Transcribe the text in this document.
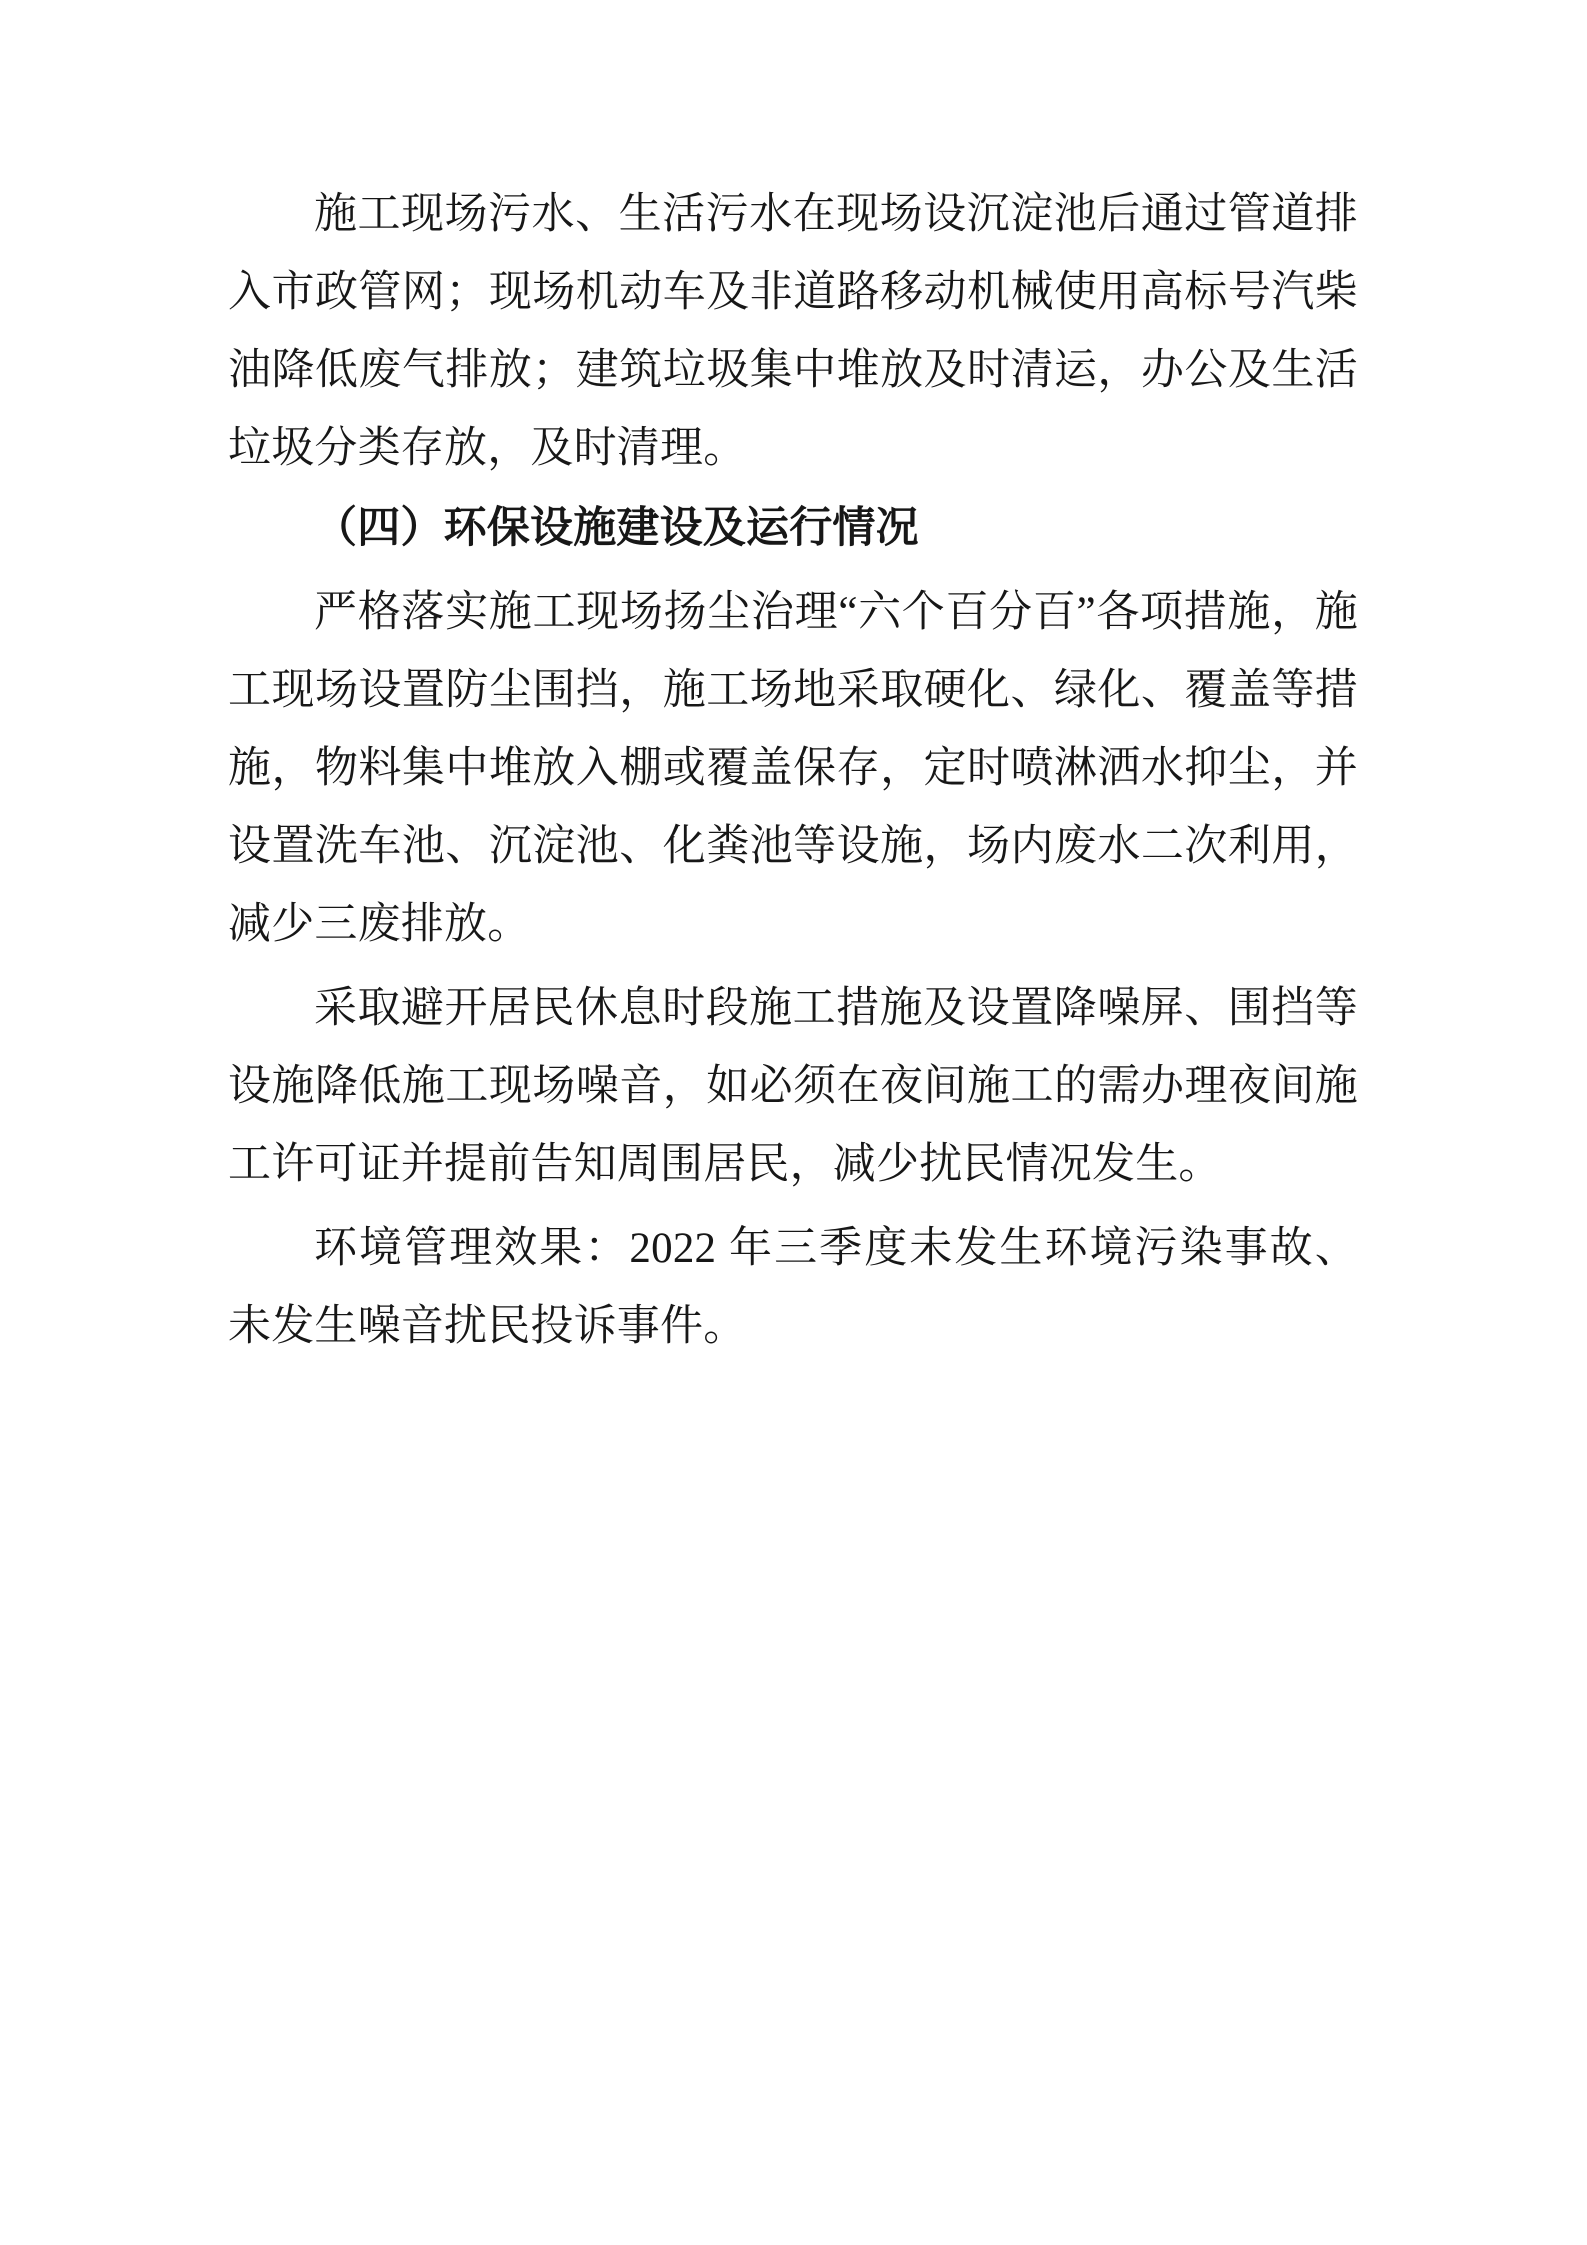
施工现场污水、生活污水在现场设沉淀池后通过管道排入市政管网；现场机动车及非道路移动机械使用高标号汽柴油降低废气排放；建筑垃圾集中堆放及时清运，办公及生活垃圾分类存放，及时清理。

（四）环保设施建设及运行情况

严格落实施工现场扬尘治理“六个百分百”各项措施，施工现场设置防尘围挡，施工场地采取硬化、绿化、覆盖等措施，物料集中堆放入棚或覆盖保存，定时喷淋洒水抑尘，并设置洗车池、沉淀池、化粪池等设施，场内废水二次利用，减少三废排放。

采取避开居民休息时段施工措施及设置降噪屏、围挡等设施降低施工现场噪音，如必须在夜间施工的需办理夜间施工许可证并提前告知周围居民，减少扰民情况发生。

环境管理效果：2022 年三季度未发生环境污染事故、未发生噪音扰民投诉事件。
